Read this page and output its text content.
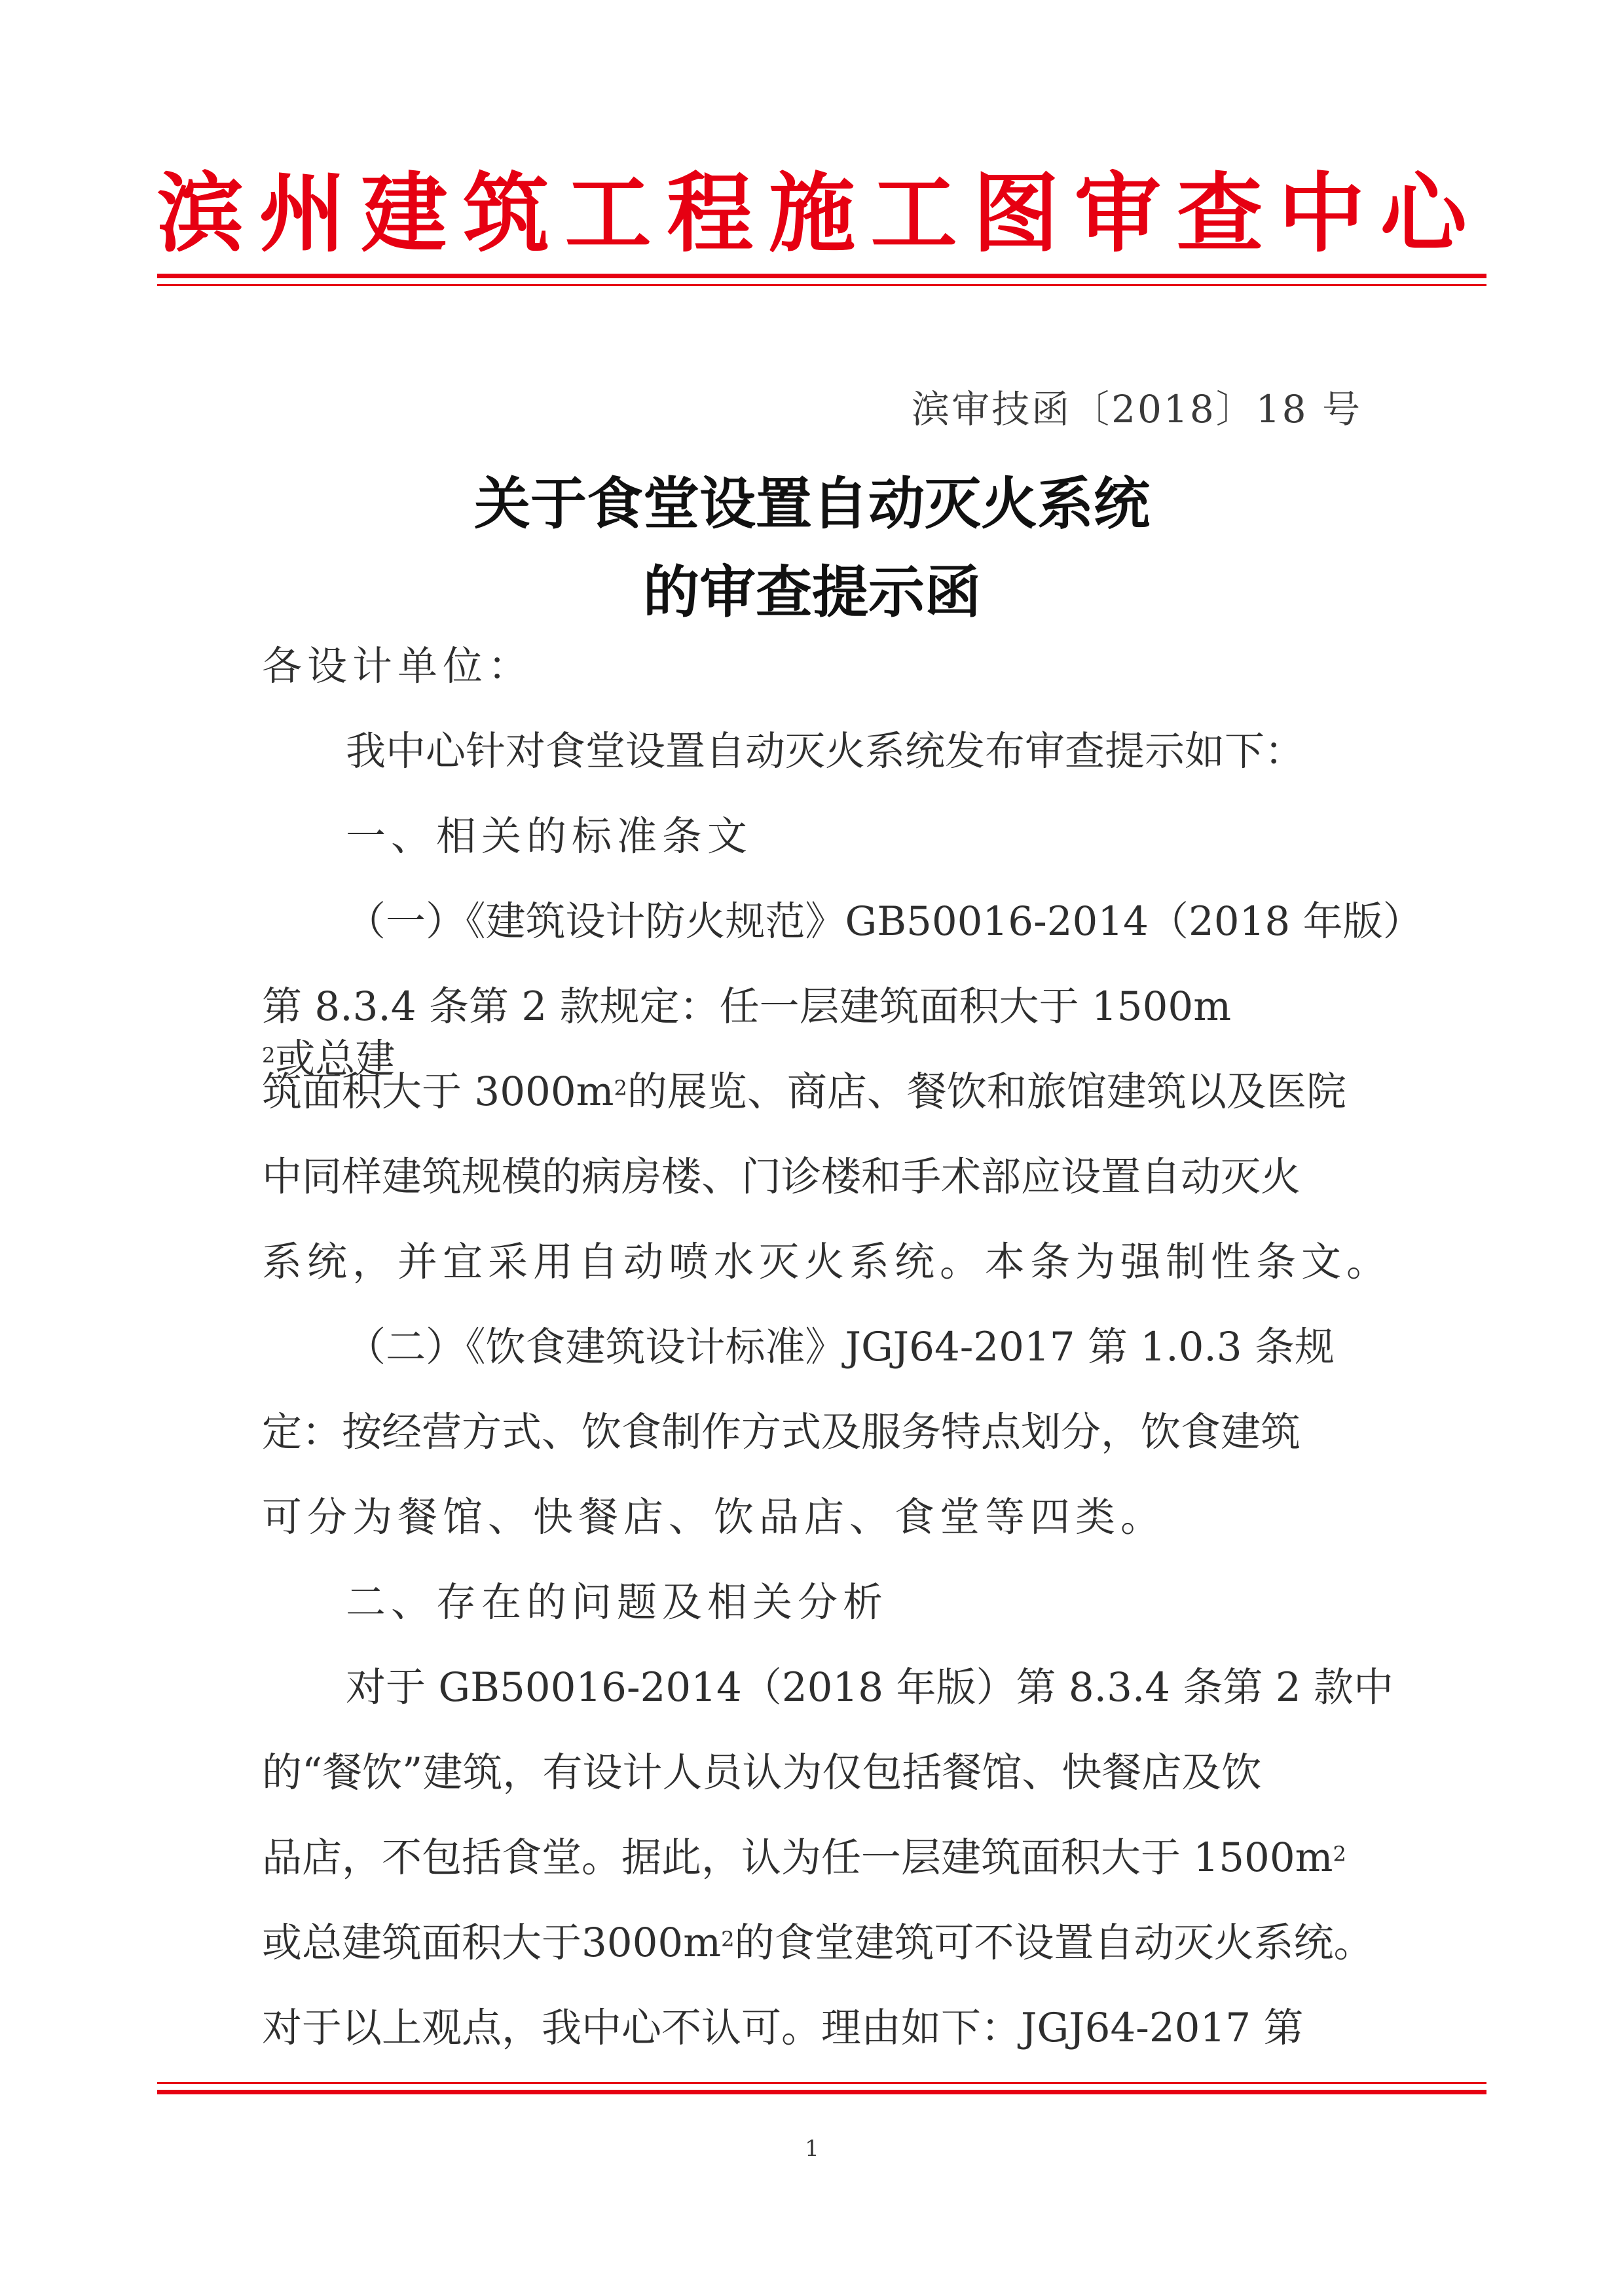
滨 州 建 筑 工 程 施 工 图 审 查 中 心
滨审技函〔2018〕18 号
关于食堂设置自动灭火系统
的审查提示函
各设计单位：
我中心针对食堂设置自动灭火系统发布审查提示如下：
一、相关的标准条文
（一）《建筑设计防火规范》GB50016-2014（2018 年版）
第 8.3.4 条第 2 款规定：任一层建筑面积大于 1500m
$^2$或总建
筑面积大于 $3000m^2$的展览、商店、餐饮和旅馆建筑以及医院
中同样建筑规模的病房楼、门诊楼和手术部应设置自动灭火
系统，并宜采用自动喷水灭火系统。本条为强制性条文。
（二）《饮食建筑设计标准》JGJ64-2017 第 1.0.3 条规
定：按经营方式、饮食制作方式及服务特点划分，饮食建筑
可分为餐馆、快餐店、饮品店、食堂等四类。
二、存在的问题及相关分析
对于 GB50016-2014（2018 年版）第 8.3.4 条第 2 款中
的“餐饮”建筑，有设计人员认为仅包括餐馆、快餐店及饮
品店，不包括食堂。据此，认为任一层建筑面积大于 $1500m^2$
或总建筑面积大于$3000m^2$的食堂建筑可不设置自动灭火系统。
对于以上观点，我中心不认可。理由如下：JGJ64-2017 第
1
